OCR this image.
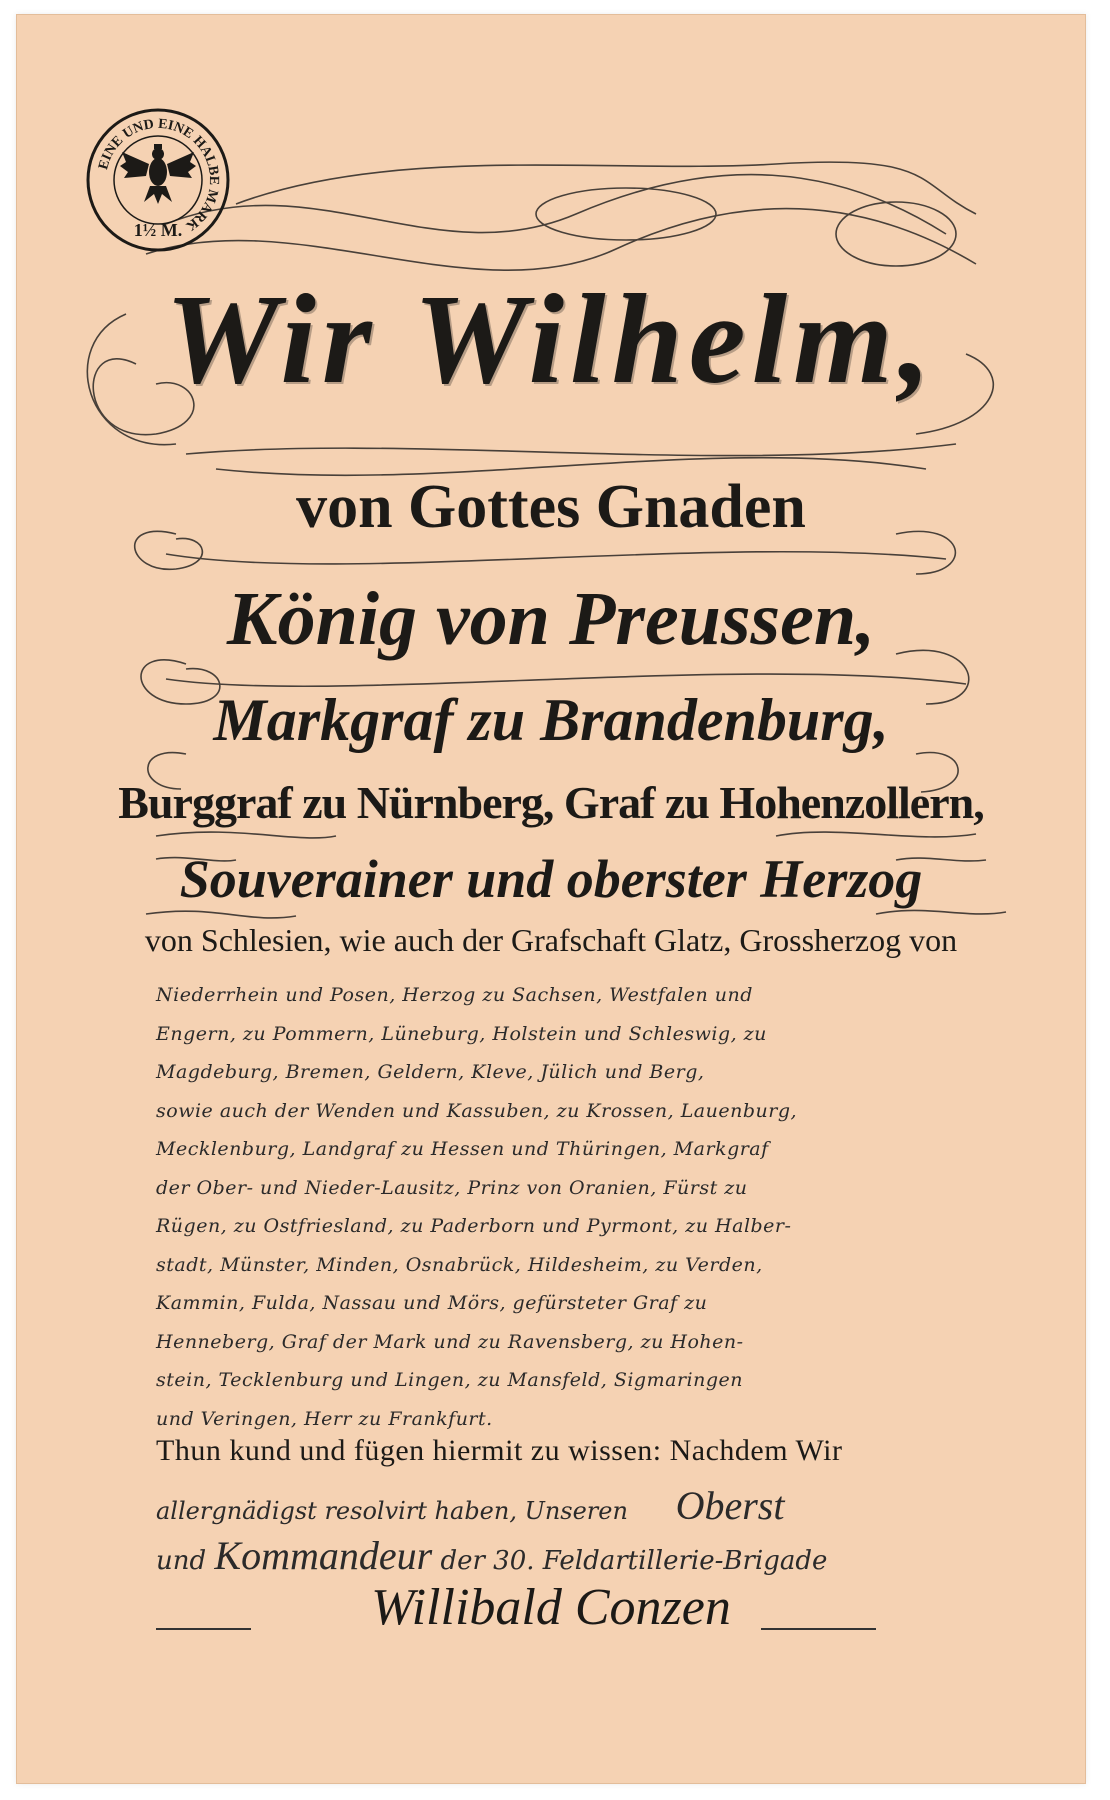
EINE UND EINE HALBE MARK
1½ M.
Wir Wilhelm,
von Gottes Gnaden
König von Preussen,
Markgraf zu Brandenburg,
Burggraf zu Nürnberg, Graf zu Hohenzollern,
Souverainer und oberster Herzog
von Schlesien, wie auch der Grafschaft Glatz, Grossherzog von
Niederrhein und Posen, Herzog zu Sachsen, Westfalen und
Engern, zu Pommern, Lüneburg, Holstein und Schleswig, zu
Magdeburg, Bremen, Geldern, Kleve, Jülich und Berg,
sowie auch der Wenden und Kassuben, zu Krossen, Lauenburg,
Mecklenburg, Landgraf zu Hessen und Thüringen, Markgraf
der Ober- und Nieder-Lausitz, Prinz von Oranien, Fürst zu
Rügen, zu Ostfriesland, zu Paderborn und Pyrmont, zu Halber-
stadt, Münster, Minden, Osnabrück, Hildesheim, zu Verden,
Kammin, Fulda, Nassau und Mörs, gefürsteter Graf zu
Henneberg, Graf der Mark und zu Ravensberg, zu Hohen-
stein, Tecklenburg und Lingen, zu Mansfeld, Sigmaringen
und Veringen, Herr zu Frankfurt.
Thun kund und fügen hiermit zu wissen: Nachdem Wir
allergnädigst resolvirt haben, Unseren Oberst
und Kommandeur der 30. Feldartillerie-Brigade
Willibald Conzen
